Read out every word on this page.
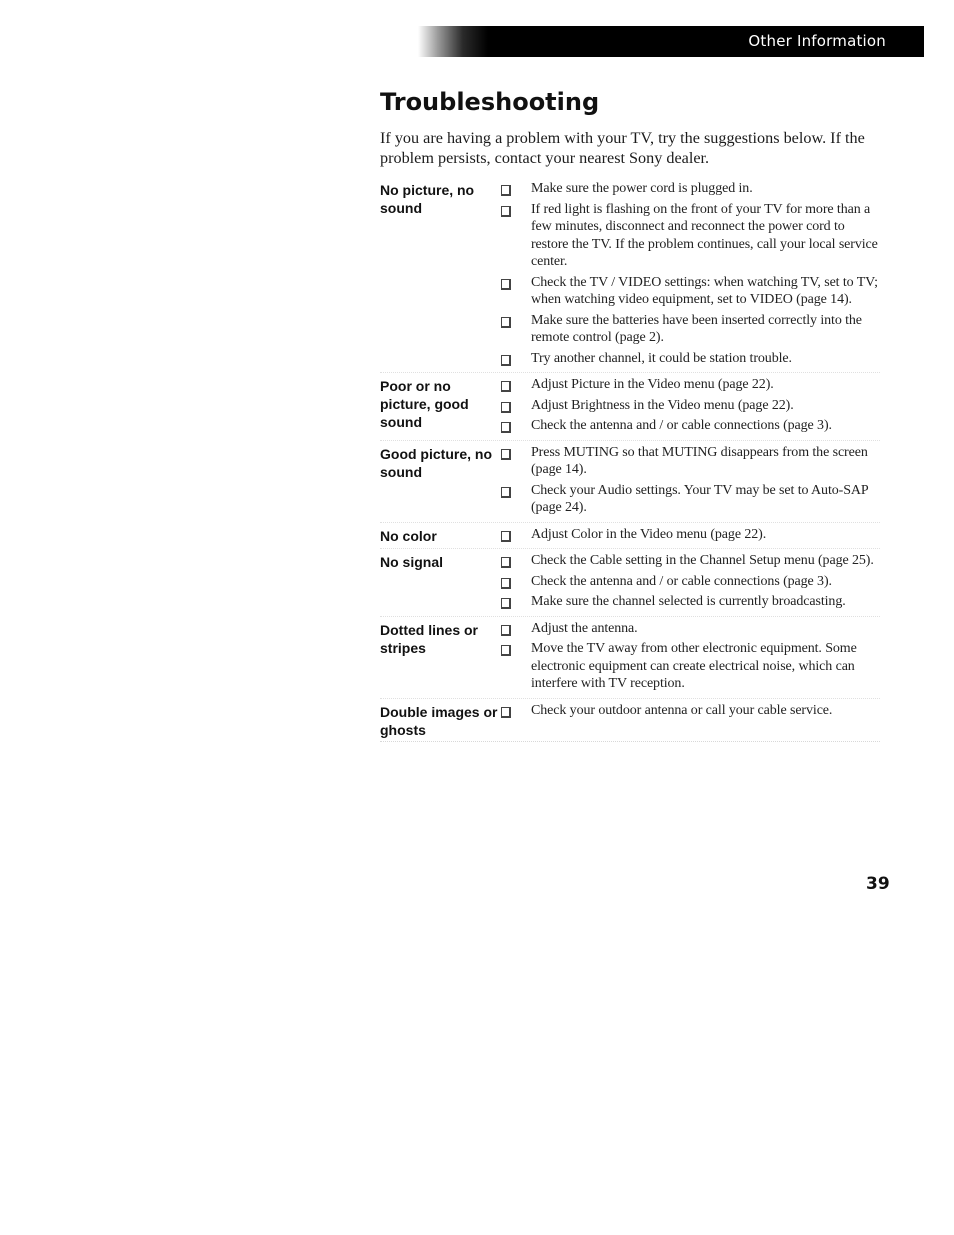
Other Information
Troubleshooting

If you are having a problem with your TV, try the suggestions below. If the problem persists, contact your nearest Sony dealer.

No picture, no sound
Make sure the power cord is plugged in.
If red light is flashing on the front of your TV for more than a few minutes, disconnect and reconnect the power cord to restore the TV. If the problem continues, call your local service center.
Check the TV / VIDEO settings: when watching TV, set to TV; when watching video equipment, set to VIDEO (page 14).
Make sure the batteries have been inserted correctly into the remote control (page 2).
Try another channel, it could be station trouble.
Poor or no picture, good sound
Adjust Picture in the Video menu (page 22).
Adjust Brightness in the Video menu (page 22).
Check the antenna and / or cable connections (page 3).
Good picture, no sound
Press MUTING so that MUTING disappears from the screen (page 14).
Check your Audio settings. Your TV may be set to Auto-SAP (page 24).
No color	Adjust Color in the Video menu (page 22).
No signal	Check the Cable setting in the Channel Setup menu (page 25).
Check the antenna and / or cable connections (page 3).
Make sure the channel selected is currently broadcasting.
Dotted lines or stripes
Adjust the antenna.
Move the TV away from other electronic equipment. Some electronic equipment can create electrical noise, which can interfere with TV reception.
Double images or ghosts
Check your outdoor antenna or call your cable service.
39
